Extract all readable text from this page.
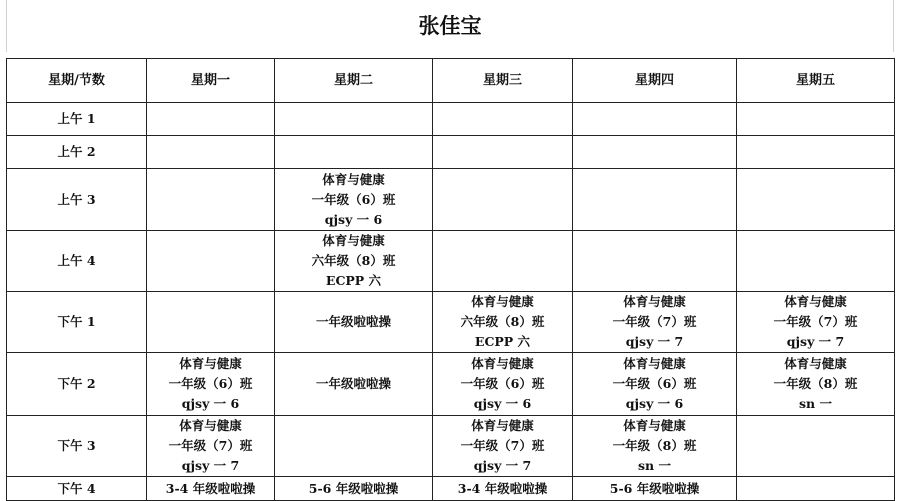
张佳宝
星期/节数	星期一	星期二	星期三	星期四	星期五
上午 1					
上午 2					
上午 3		体育与健康
一年级（6）班
qjsy 一 6			

上午 4		体育与健康
六年级（8）班
ECPP 六			

下午 1		一年级啦啦操	体育与健康
六年级（8）班
ECPP 六	体育与健康
一年级（7）班
qjsy 一 7	体育与健康
一年级（7）班
qjsy 一 7

下午 2	体育与健康
一年级（6）班
qjsy 一 6	一年级啦啦操	体育与健康
一年级（6）班
qjsy 一 6	体育与健康
一年级（6）班
qjsy 一 6	体育与健康
一年级（8）班
sn 一

下午 3	体育与健康
一年级（7）班
qjsy 一 7		体育与健康
一年级（7）班
qjsy 一 7	体育与健康
一年级（8）班
sn 一	

下午 4	3-4 年级啦啦操	5-6 年级啦啦操	3-4 年级啦啦操	5-6 年级啦啦操	
